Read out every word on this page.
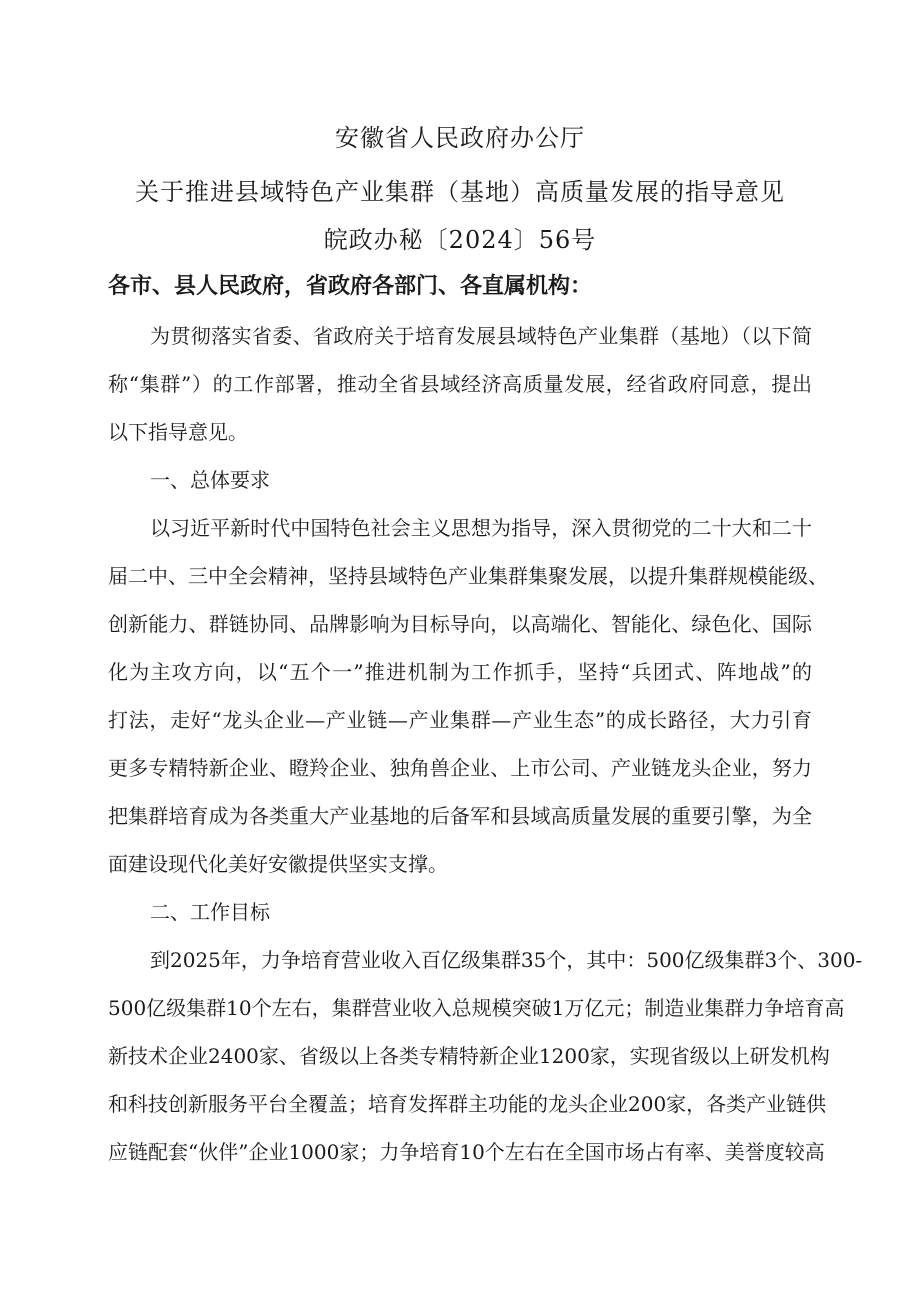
安徽省人民政府办公厅
关于推进县域特色产业集群（基地）高质量发展的指导意见
皖政办秘〔2024〕56号
各市、县人民政府，省政府各部门、各直属机构：
为贯彻落实省委、省政府关于培育发展县域特色产业集群（基地）（以下简
称“集群”）的工作部署，推动全省县域经济高质量发展，经省政府同意，提出
以下指导意见。
一、总体要求
以习近平新时代中国特色社会主义思想为指导，深入贯彻党的二十大和二十
届二中、三中全会精神，坚持县域特色产业集群集聚发展，以提升集群规模能级、
创新能力、群链协同、品牌影响为目标导向，以高端化、智能化、绿色化、国际
化为主攻方向，以“五个一”推进机制为工作抓手，坚持“兵团式、阵地战”的
打法，走好“龙头企业—产业链—产业集群—产业生态”的成长路径，大力引育
更多专精特新企业、瞪羚企业、独角兽企业、上市公司、产业链龙头企业，努力
把集群培育成为各类重大产业基地的后备军和县域高质量发展的重要引擎，为全
面建设现代化美好安徽提供坚实支撑。
二、工作目标
到2025年，力争培育营业收入百亿级集群35个，其中：500亿级集群3个、300-
500亿级集群10个左右，集群营业收入总规模突破1万亿元；制造业集群力争培育高
新技术企业2400家、省级以上各类专精特新企业1200家，实现省级以上研发机构
和科技创新服务平台全覆盖；培育发挥群主功能的龙头企业200家，各类产业链供
应链配套“伙伴”企业1000家；力争培育10个左右在全国市场占有率、美誉度较高
